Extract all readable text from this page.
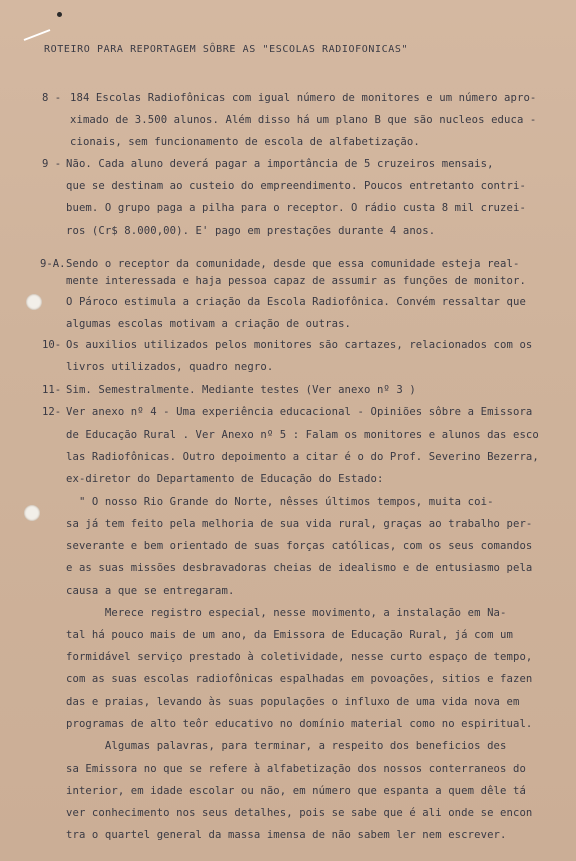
ROTEIRO PARA REPORTAGEM SÔBRE AS "ESCOLAS RADIOFONICAS"
8 - 184 Escolas Radiofônicas com igual número de monitores e um número apro-
ximado de 3.500 alunos. Além disso há um plano B que são nucleos educa -
cionais, sem funcionamento de escola de alfabetização.
9 - Não. Cada aluno deverá pagar a importância de 5 cruzeiros mensais,
que se destinam ao custeio do empreendimento. Poucos entretanto contri-
buem. O grupo paga a pilha para o receptor. O rádio custa 8 mil cruzei-
ros (Cr$ 8.000,00). E' pago em prestações durante 4 anos.
9-A. Sendo o receptor da comunidade, desde que essa comunidade esteja real-
mente interessada e haja pessoa capaz de assumir as funções de monitor.
O Pároco estimula a criação da Escola Radiofônica. Convém ressaltar que
algumas escolas motivam a criação de outras.
10- Os auxilios utilizados pelos monitores são cartazes, relacionados com os
livros utilizados, quadro negro.
11- Sim. Semestralmente. Mediante testes (Ver anexo nº 3 )
12- Ver anexo nº 4 - Uma experiência educacional - Opiniões sôbre a Emissora
de Educação Rural . Ver Anexo nº 5 : Falam os monitores e alunos das esco
las Radiofônicas. Outro depoimento a citar é o do Prof. Severino Bezerra,
ex-diretor do Departamento de Educação do Estado:
" O nosso Rio Grande do Norte, nêsses últimos tempos, muita coi-
sa já tem feito pela melhoria de sua vida rural, graças ao trabalho per-
severante e bem orientado de suas forças católicas, com os seus comandos
e as suas missões desbravadoras cheias de idealismo e de entusiasmo pela
causa a que se entregaram.
Merece registro especial, nesse movimento, a instalação em Na-
tal há pouco mais de um ano, da Emissora de Educação Rural, já com um
formidável serviço prestado à coletividade, nesse curto espaço de tempo,
com as suas escolas radiofônicas espalhadas em povoações, sitios e fazen
das e praias, levando às suas populações o influxo de uma vida nova em
programas de alto teôr educativo no domínio material como no espiritual.
Algumas palavras, para terminar, a respeito dos beneficios des
sa Emissora no que se refere à alfabetização dos nossos conterraneos do
interior, em idade escolar ou não, em número que espanta a quem dêle tá
ver conhecimento nos seus detalhes, pois se sabe que é ali onde se encon
tra o quartel general da massa imensa de não sabem ler nem escrever.
